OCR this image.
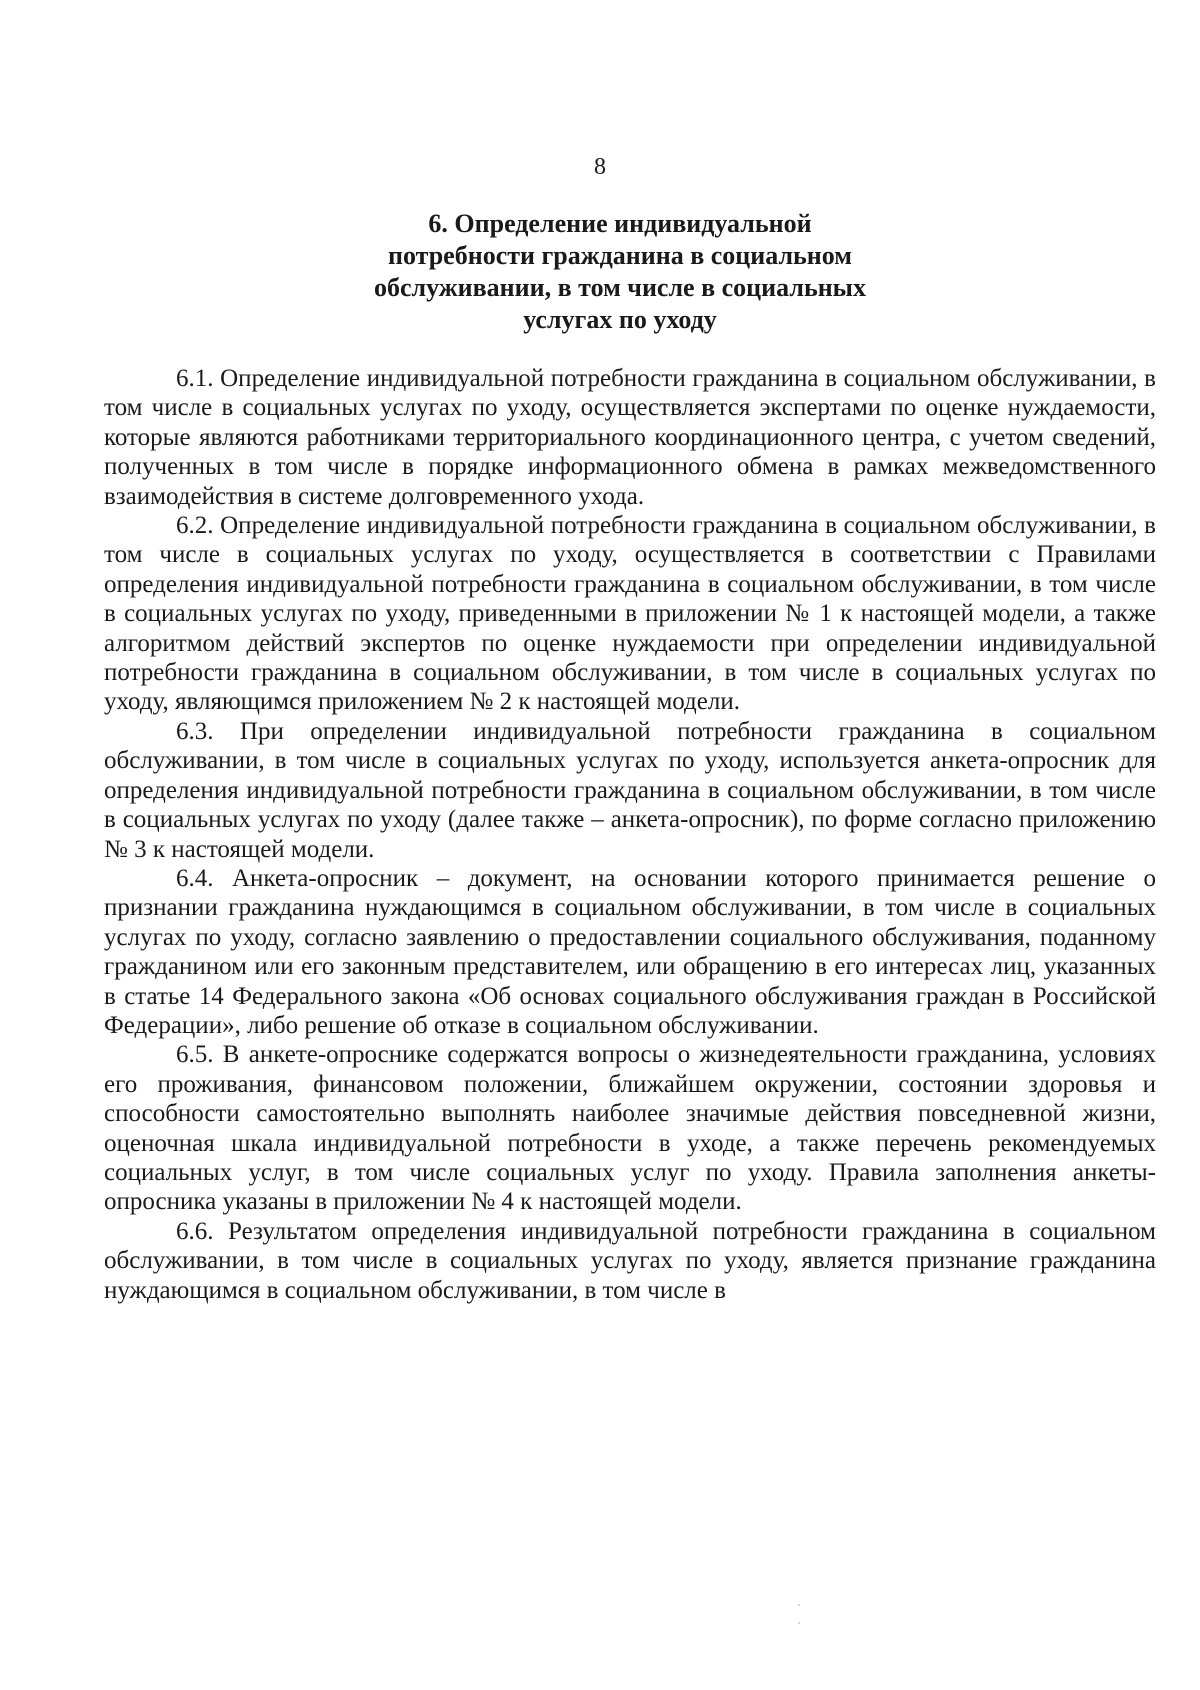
8
6. Определение индивидуальной
потребности гражданина в социальном
обслуживании, в том числе в социальных
услугах по уходу

6.1. Определение индивидуальной потребности гражданина в социальном обслуживании, в том числе в социальных услугах по уходу, осуществляется экспертами по оценке нуждаемости, которые являются работниками территориального координационного центра, с учетом сведений, полученных в том числе в порядке информационного обмена в рамках межведомственного взаимодействия в системе долговременного ухода.

6.2. Определение индивидуальной потребности гражданина в социальном обслуживании, в том числе в социальных услугах по уходу, осуществляется в соответствии с Правилами определения индивидуальной потребности гражданина в социальном обслуживании, в том числе в социальных услугах по уходу, приведенными в приложении № 1 к настоящей модели, а также алгоритмом действий экспертов по оценке нуждаемости при определении индивидуальной потребности гражданина в социальном обслуживании, в том числе в социальных услугах по уходу, являющимся приложением № 2 к настоящей модели.

6.3. При определении индивидуальной потребности гражданина в социальном обслуживании, в том числе в социальных услугах по уходу, используется анкета-опросник для определения индивидуальной потребности гражданина в социальном обслуживании, в том числе в социальных услугах по уходу (далее также – анкета-опросник), по форме согласно приложению № 3 к настоящей модели.

6.4. Анкета-опросник – документ, на основании которого принимается решение о признании гражданина нуждающимся в социальном обслуживании, в том числе в социальных услугах по уходу, согласно заявлению о предоставлении социального обслуживания, поданному гражданином или его законным представителем, или обращению в его интересах лиц, указанных в статье 14 Федерального закона «Об основах социального обслуживания граждан в Российской Федерации», либо решение об отказе в социальном обслуживании.

6.5. В анкете-опроснике содержатся вопросы о жизнедеятельности гражданина, условиях его проживания, финансовом положении, ближайшем окружении, состоянии здоровья и способности самостоятельно выполнять наиболее значимые действия повседневной жизни, оценочная шкала индивидуальной потребности в уходе, а также перечень рекомендуемых социальных услуг, в том числе социальных услуг по уходу. Правила заполнения анкеты-опросника указаны в приложении № 4 к настоящей модели.

6.6. Результатом определения индивидуальной потребности гражданина в социальном обслуживании, в том числе в социальных услугах по уходу, является признание гражданина нуждающимся в социальном обслуживании, в том числе в
